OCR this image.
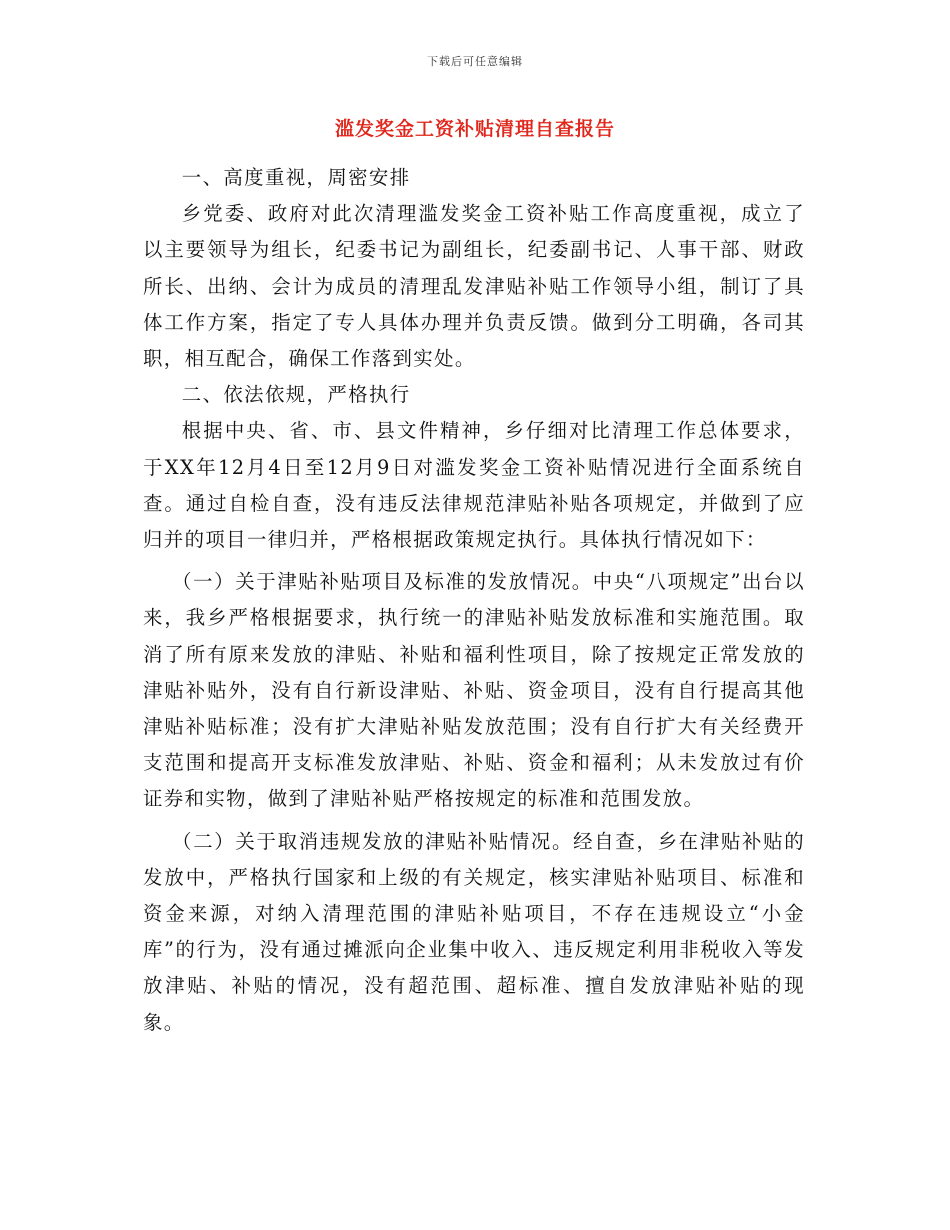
下载后可任意编辑
滥发奖金工资补贴清理自查报告

一、高度重视，周密安排

乡党委、政府对此次清理滥发奖金工资补贴工作高度重视，成立了以主要领导为组长，纪委书记为副组长，纪委副书记、人事干部、财政所长、出纳、会计为成员的清理乱发津贴补贴工作领导小组，制订了具体工作方案，指定了专人具体办理并负责反馈。做到分工明确，各司其职，相互配合，确保工作落到实处。

二、依法依规，严格执行

根据中央、省、市、县文件精神，乡仔细对比清理工作总体要求，于XX年12月4日至12月9日对滥发奖金工资补贴情况进行全面系统自查。通过自检自查，没有违反法律规范津贴补贴各项规定，并做到了应归并的项目一律归并，严格根据政策规定执行。具体执行情况如下：

（一）关于津贴补贴项目及标准的发放情况。中央“八项规定”出台以来，我乡严格根据要求，执行统一的津贴补贴发放标准和实施范围。取消了所有原来发放的津贴、补贴和福利性项目，除了按规定正常发放的津贴补贴外，没有自行新设津贴、补贴、资金项目，没有自行提高其他津贴补贴标准；没有扩大津贴补贴发放范围；没有自行扩大有关经费开支范围和提高开支标准发放津贴、补贴、资金和福利；从未发放过有价证券和实物，做到了津贴补贴严格按规定的标准和范围发放。

（二）关于取消违规发放的津贴补贴情况。经自查，乡在津贴补贴的发放中，严格执行国家和上级的有关规定，核实津贴补贴项目、标准和资金来源，对纳入清理范围的津贴补贴项目，不存在违规设立“小金库”的行为，没有通过摊派向企业集中收入、违反规定利用非税收入等发放津贴、补贴的情况，没有超范围、超标准、擅自发放津贴补贴的现象。
